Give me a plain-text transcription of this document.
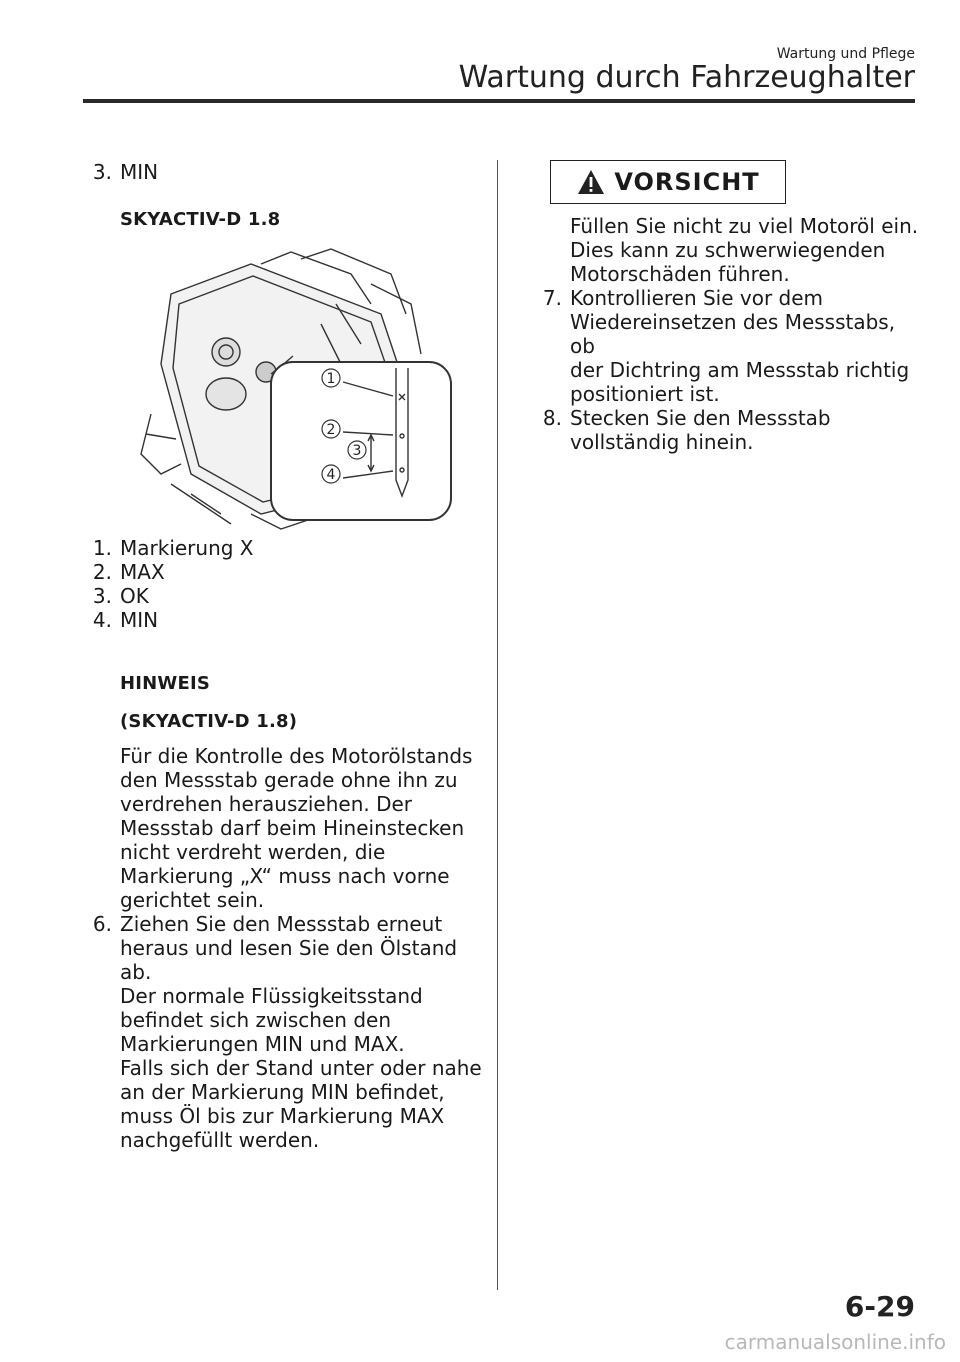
Wartung und Pflege
Wartung durch Fahrzeughalter
3. MIN
SKYACTIV-D 1.8
1
2
3
4
1. Markierung X
2. MAX
3. OK
4. MIN
HINWEIS
(SKYACTIV-D 1.8)
Für die Kontrolle des Motorölstands
den Messstab gerade ohne ihn zu
verdrehen herausziehen. Der
Messstab darf beim Hineinstecken
nicht verdreht werden, die
Markierung „X“ muss nach vorne
gerichtet sein.
6. Ziehen Sie den Messstab erneut
heraus und lesen Sie den Ölstand
ab.
Der normale Flüssigkeitsstand
befindet sich zwischen den
Markierungen MIN und MAX.
Falls sich der Stand unter oder nahe
an der Markierung MIN befindet,
muss Öl bis zur Markierung MAX
nachgefüllt werden.
VORSICHT
Füllen Sie nicht zu viel Motoröl ein.
Dies kann zu schwerwiegenden
Motorschäden führen.
7. Kontrollieren Sie vor dem
Wiedereinsetzen des Messstabs, ob
der Dichtring am Messstab richtig
positioniert ist.
8. Stecken Sie den Messstab
vollständig hinein.
6-29
carmanualsonline.info
